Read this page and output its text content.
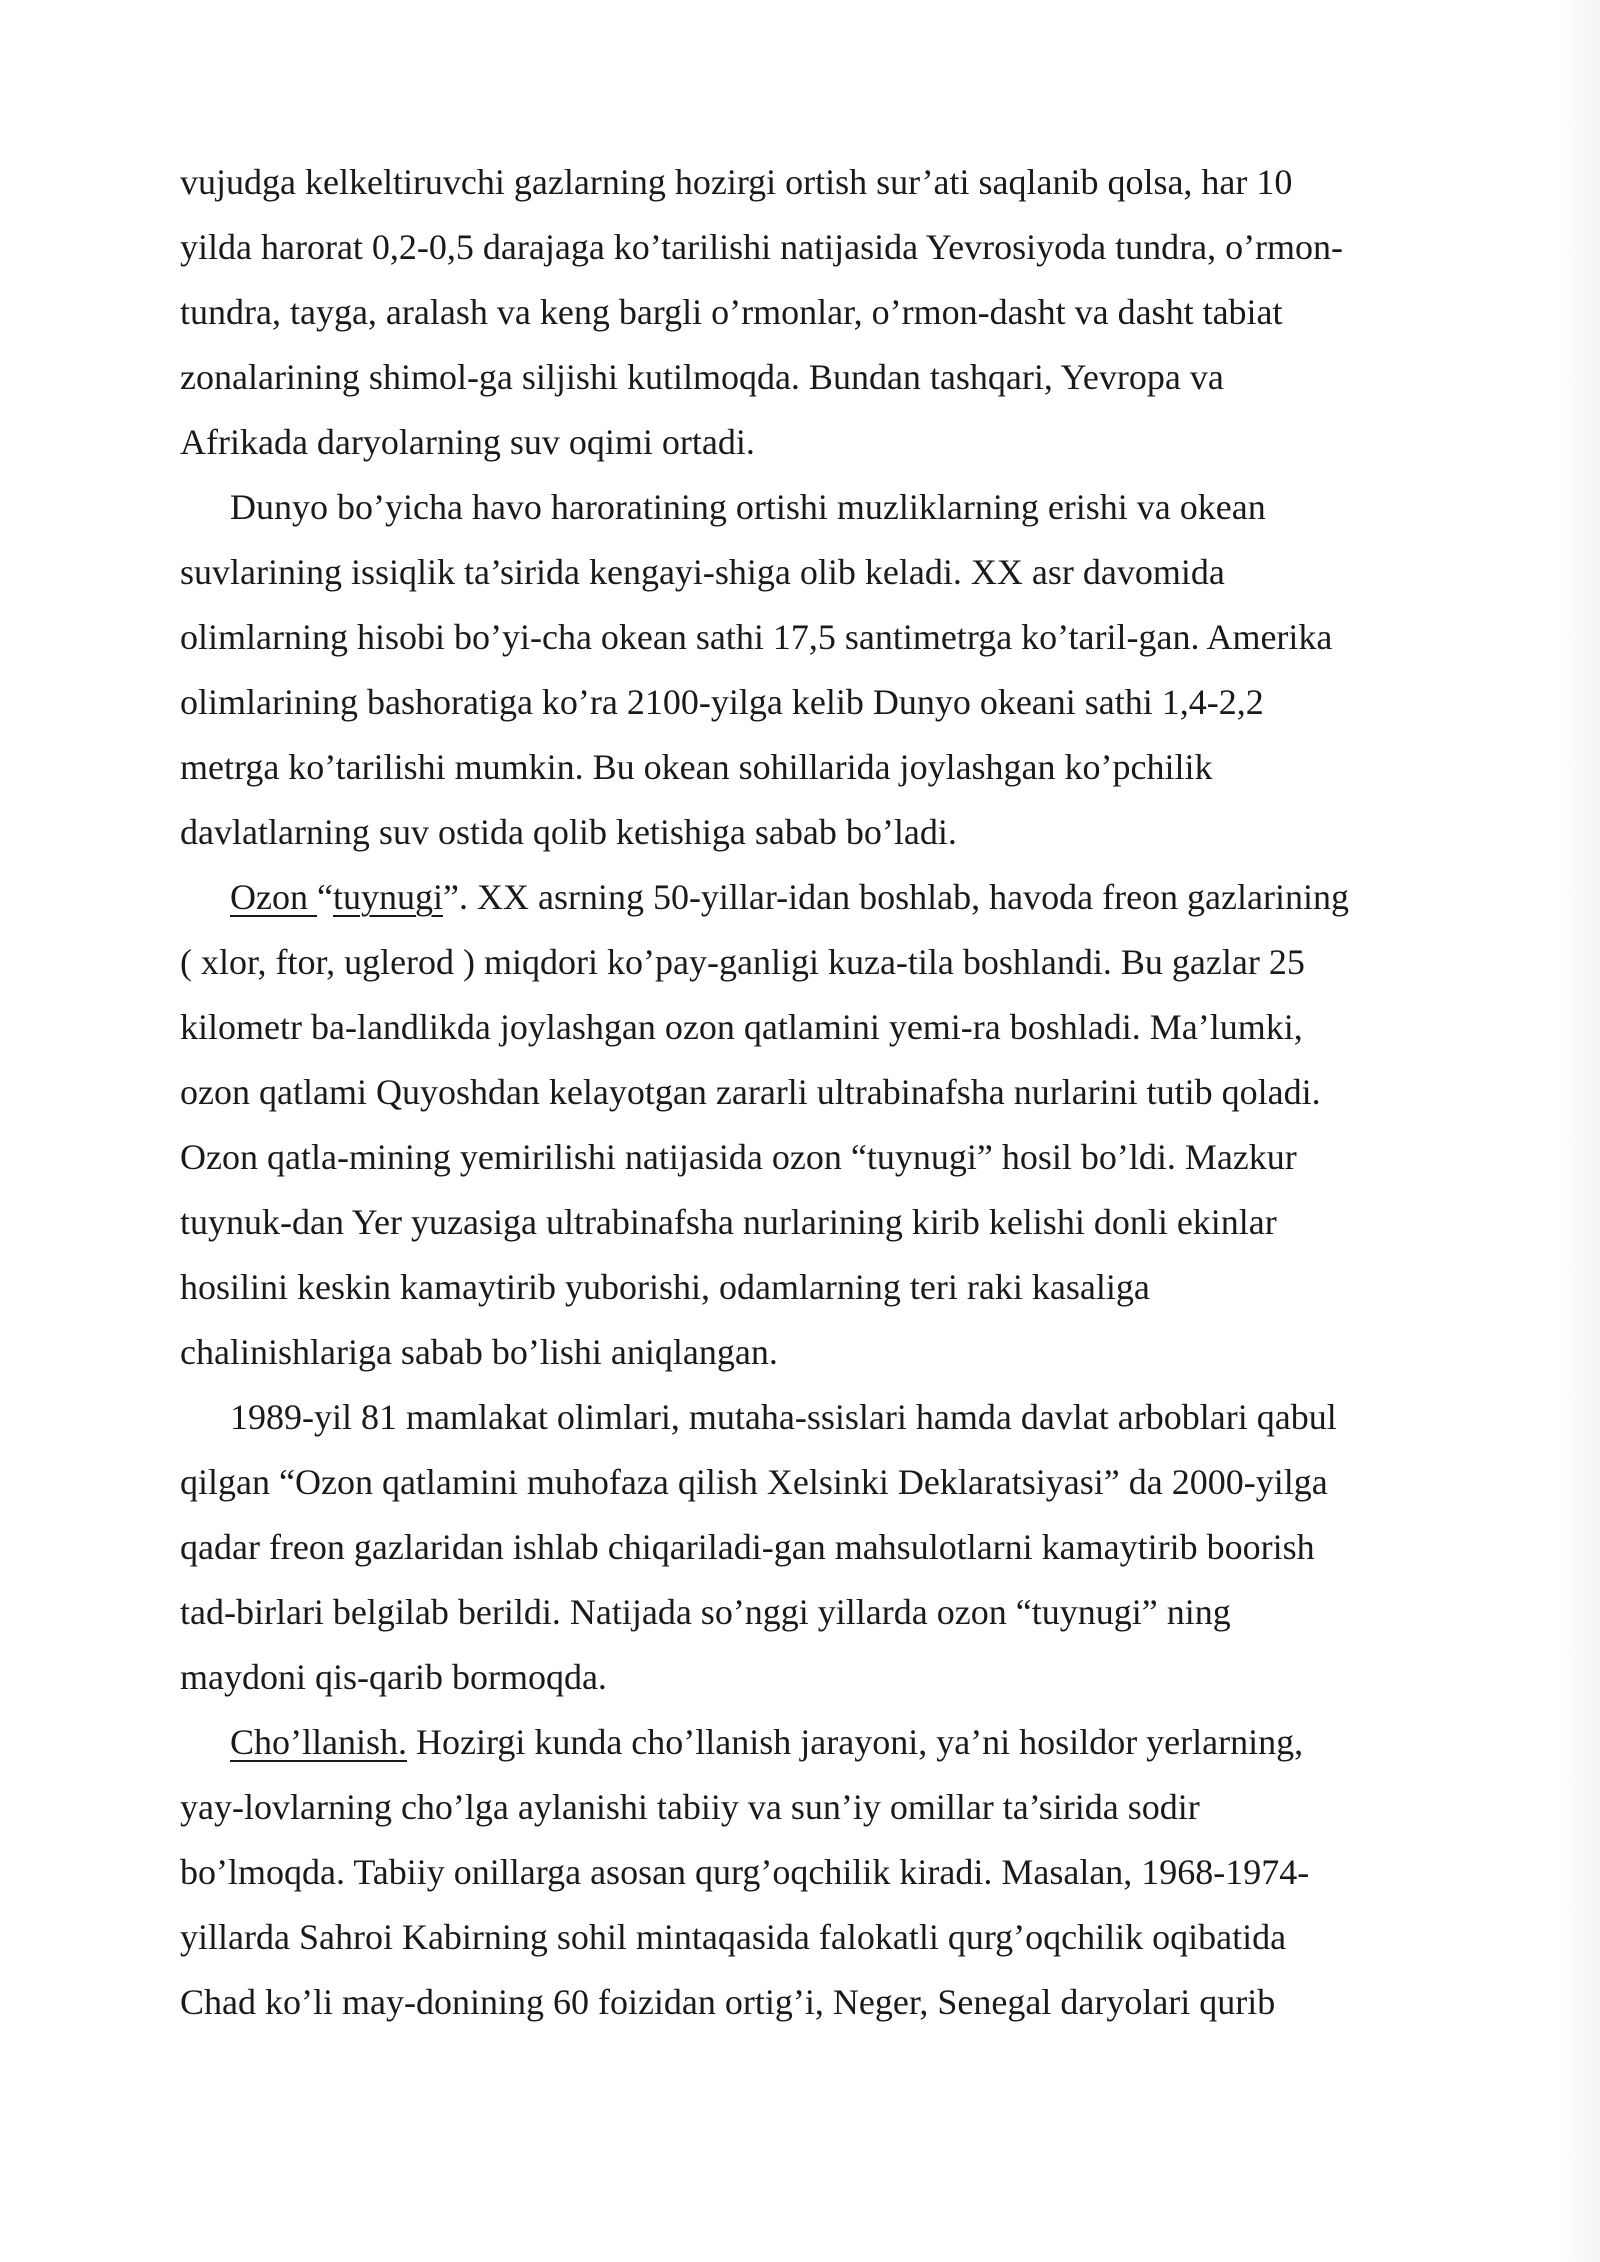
vujudga kelkeltiruvchi gazlarning hozirgi ortish sur’ati saqlanib qolsa, har 10
yilda harorat 0,2-0,5 darajaga ko’tarilishi natijasida Yevrosiyoda tundra, o’rmon-
tundra, tayga, aralash va keng bargli o’rmonlar, o’rmon-dasht va dasht tabiat
zonalarining shimol-ga siljishi kutilmoqda. Bundan tashqari, Yevropa va
Afrikada daryolarning suv oqimi ortadi.
Dunyo bo’yicha havo haroratining ortishi muzliklarning erishi va okean
suvlarining issiqlik ta’sirida kengayi-shiga olib keladi. XX asr davomida
olimlarning hisobi bo’yi-cha okean sathi 17,5 santimetrga ko’taril-gan. Amerika
olimlarining bashoratiga ko’ra 2100-yilga kelib Dunyo okeani sathi 1,4-2,2
metrga ko’tarilishi mumkin. Bu okean sohillarida joylashgan ko’pchilik
davlatlarning suv ostida qolib ketishiga sabab bo’ladi.
Ozon “tuynugi”. XX asrning 50-yillar-idan boshlab, havoda freon gazlarining
( xlor, ftor, uglerod ) miqdori ko’pay-ganligi kuza-tila boshlandi. Bu gazlar 25
kilometr ba-landlikda joylashgan ozon qatlamini yemi-ra boshladi. Ma’lumki,
ozon qatlami Quyoshdan kelayotgan zararli ultrabinafsha nurlarini tutib qoladi.
Ozon qatla-mining yemirilishi natijasida ozon “tuynugi” hosil bo’ldi. Mazkur
tuynuk-dan Yer yuzasiga ultrabinafsha nurlarining kirib kelishi donli ekinlar
hosilini keskin kamaytirib yuborishi, odamlarning teri raki kasaliga
chalinishlariga sabab bo’lishi aniqlangan.
1989-yil 81 mamlakat olimlari, mutaha-ssislari hamda davlat arboblari qabul
qilgan “Ozon qatlamini muhofaza qilish Xelsinki Deklaratsiyasi” da 2000-yilga
qadar freon gazlaridan ishlab chiqariladi-gan mahsulotlarni kamaytirib boorish
tad-birlari belgilab berildi. Natijada so’nggi yillarda ozon “tuynugi” ning
maydoni qis-qarib bormoqda.
Cho’llanish. Hozirgi kunda cho’llanish jarayoni, ya’ni hosildor yerlarning,
yay-lovlarning cho’lga aylanishi tabiiy va sun’iy omillar ta’sirida sodir
bo’lmoqda. Tabiiy onillarga asosan qurg’oqchilik kiradi. Masalan, 1968-1974-
yillarda Sahroi Kabirning sohil mintaqasida falokatli qurg’oqchilik oqibatida
Chad ko’li may-donining 60 foizidan ortig’i, Neger, Senegal daryolari qurib
